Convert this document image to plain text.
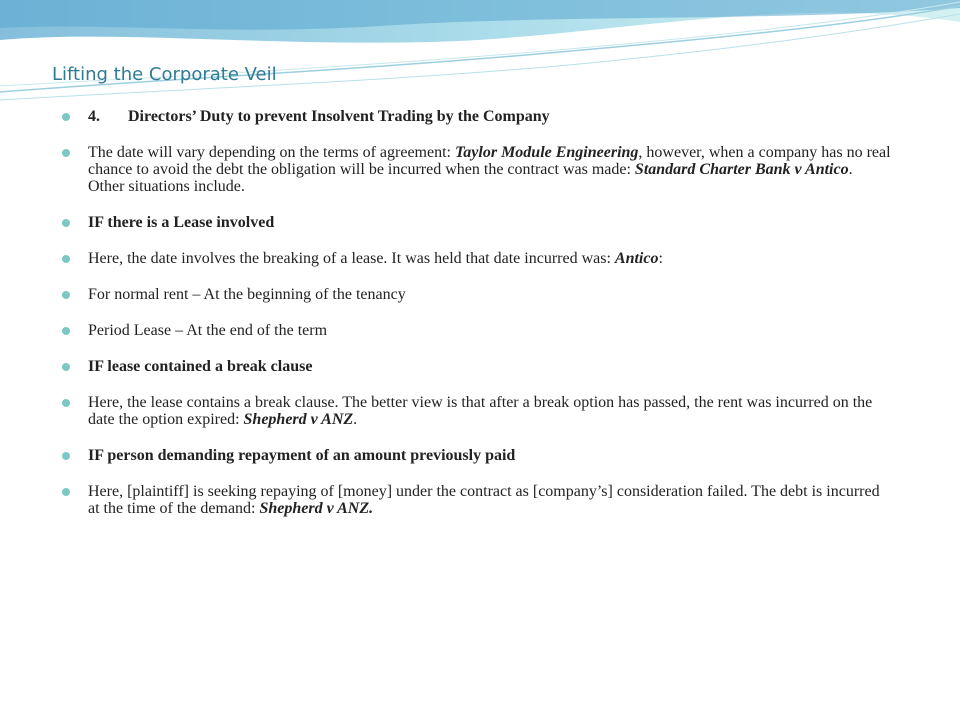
Lifting the Corporate Veil
4. Directors’ Duty to prevent Insolvent Trading by the Company
The date will vary depending on the terms of agreement: Taylor Module Engineering, however, when a company has no real chance to avoid the debt the obligation will be incurred when the contract was made: Standard Charter Bank v Antico. Other situations include.
IF there is a Lease involved
Here, the date involves the breaking of a lease. It was held that date incurred was: Antico:
For normal rent – At the beginning of the tenancy
Period Lease – At the end of the term
IF lease contained a break clause
Here, the lease contains a break clause. The better view is that after a break option has passed, the rent was incurred on the date the option expired: Shepherd v ANZ.
IF person demanding repayment of an amount previously paid
Here, [plaintiff] is seeking repaying of [money] under the contract as [company’s] consideration failed. The debt is incurred at the time of the demand: Shepherd v ANZ.
